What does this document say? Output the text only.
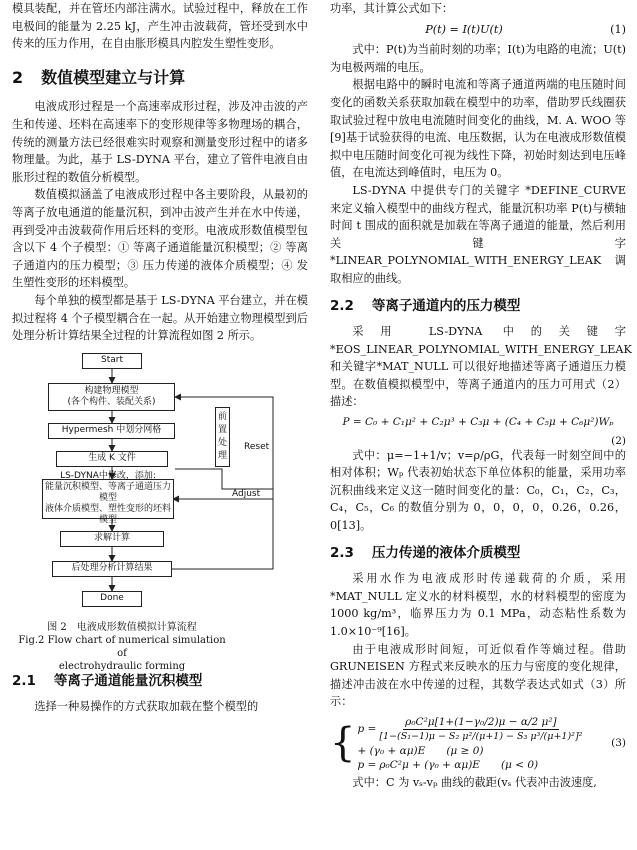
模具装配，并在管坯内部注满水。试验过程中，释放在工作电极间的能量为 2.25 kJ，产生冲击波载荷，管坯受到水中传来的压力作用，在自由胀形模具内腔发生塑性变形。

2 数值模型建立与计算

电液成形过程是一个高速率成形过程，涉及冲击波的产生和传递、坯料在高速率下的变形规律等多物理场的耦合，传统的测量方法已经很难实时观察和测量变形过程中的诸多物理量。为此，基于 LS-DYNA 平台，建立了管件电液自由胀形过程的数值分析模型。

数值模拟涵盖了电液成形过程中各主要阶段，从最初的等离子放电通道的能量沉积，到冲击波产生并在水中传递，再到受冲击波载荷作用后坯料的变形。电液成形数值模型包含以下 4 个子模型：① 等离子通道能量沉积模型；② 等离子通道内的压力模型；③ 压力传递的液体介质模型；④ 发生塑性变形的坯料模型。

每个单独的模型都是基于 LS-DYNA 平台建立，并在模拟过程将 4 个子模型耦合在一起。从开始建立物理模型到后处理分析计算结果全过程的计算流程如图 2 所示。

Start
构建物理模型
(各个构件、装配关系)
Hypermesh 中划分网格
生成 K 文件
LS-DYNA中修改，添加:
能量沉积模型、等离子通道压力模型
液体介质模型、塑性变形的坯料模型
求解计算
后处理分析计算结果
Done
前置处理
Reset
Adjust
图 2　电液成形数值模拟计算流程
Fig.2 Flow chart of numerical simulation of
electrohydraulic forming
2.1 等离子通道能量沉积模型

选择一种易操作的方式获取加载在整个模型的

功率，其计算公式如下：

P(t) = I(t)U(t)	(1)

式中：P(t)为当前时刻的功率；I(t)为电路的电流；U(t)为电极两端的电压。

根据电路中的瞬时电流和等离子通道两端的电压随时间变化的函数关系获取加载在模型中的功率，借助罗氏线圈获取试验过程中放电电流随时间变化的曲线，M. A. WOO 等[9]基于试验获得的电流、电压数据，认为在电液成形数值模拟中电压随时间变化可视为线性下降，初始时刻达到电压峰值，在电流达到峰值时，电压为 0。

LS-DYNA 中提供专门的关键字 *DEFINE_CURVE 来定义输入模型中的曲线方程式，能量沉积功率 P(t)与横轴时间 t 围成的面积就是加载在等离子通道的能量，然后利用关键字*LINEAR_POLYNOMIAL_WITH_ENERGY_LEAK 调取相应的曲线。

2.2 等离子通道内的压力模型

采用 LS-DYNA 中的关键字*EOS_LINEAR_POLYNOMIAL_WITH_ENERGY_LEAK 和关键字*MAT_NULL 可以很好地描述等离子通道压力模型。在数值模拟模型中，等离子通道内的压力可用式（2）描述：

P = C₀ + C₁μ² + C₂μ³ + C₃μ + (C₄ + C₅μ + C₆μ²)Wₚ
(2)

式中：μ=−1+1/v；v=ρ/ρG，代表每一时刻空间中的相对体积；Wₚ 代表初始状态下单位体积的能量，采用功率沉积曲线来定义这一随时间变化的量：C₀，C₁，C₂，C₃，C₄，C₅，C₆ 的数值分别为 0，0，0，0，0.26，0.26，0[13]。

2.3 压力传递的液体介质模型

采用水作为电液成形时传递载荷的介质，采用*MAT_NULL 定义水的材料模型，水的材料模型的密度为 1000 kg/m³，临界压力为 0.1 MPa，动态粘性系数为 1.0×10⁻⁹[16]。

由于电液成形时间短，可近似看作等熵过程。借助 GRUNEISEN 方程式来反映水的压力与密度的变化规律，描述冲击波在水中传递的过程，其数学表达式如式（3）所示：

{ $p = \frac{\text{ρ₀C²μ[1+(1−γ₀/2)μ − α/2 μ²]}}{\text{[1−(S₁−1)μ − S₂ μ²/(μ+1) − S₃ μ³/(μ+1)²]²}}$
+ (γ₀ + αμ)E　　(μ ≥ 0)
p = ρ₀C²μ + (γ₀ + αμ)E　　(μ < 0)
(3)

式中：C 为 vₛ-vₚ 曲线的截距(vₛ 代表冲击波速度,
